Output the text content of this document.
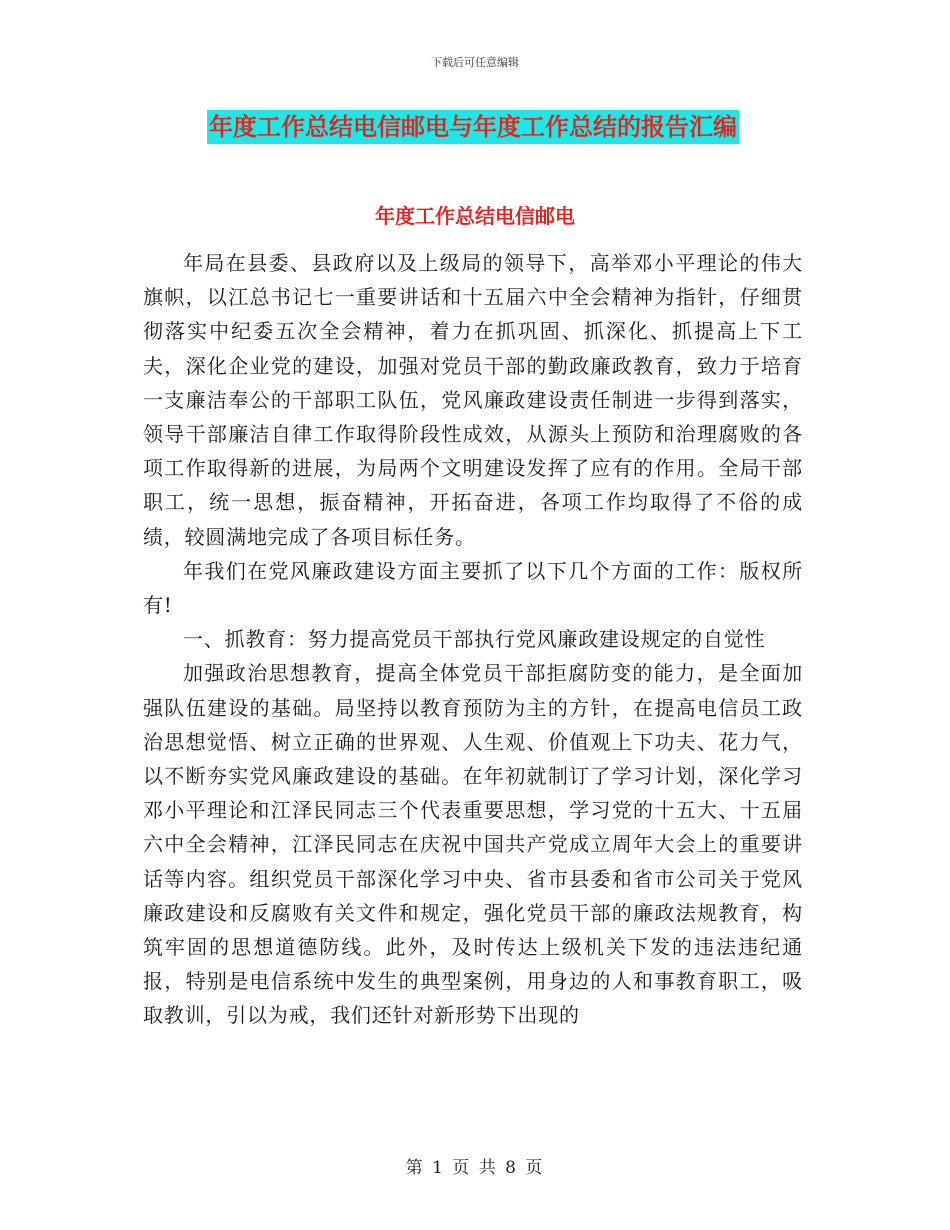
下载后可任意编辑
年度工作总结电信邮电与年度工作总结的报告汇编
年度工作总结电信邮电

年局在县委、县政府以及上级局的领导下，高举邓小平理论的伟大旗帜，以江总书记七一重要讲话和十五届六中全会精神为指针，仔细贯彻落实中纪委五次全会精神，着力在抓巩固、抓深化、抓提高上下工夫，深化企业党的建设，加强对党员干部的勤政廉政教育，致力于培育一支廉洁奉公的干部职工队伍，党风廉政建设责任制进一步得到落实，领导干部廉洁自律工作取得阶段性成效，从源头上预防和治理腐败的各项工作取得新的进展，为局两个文明建设发挥了应有的作用。全局干部职工，统一思想，振奋精神，开拓奋进，各项工作均取得了不俗的成绩，较圆满地完成了各项目标任务。

年我们在党风廉政建设方面主要抓了以下几个方面的工作：版权所有!

一、抓教育：努力提高党员干部执行党风廉政建设规定的自觉性

加强政治思想教育，提高全体党员干部拒腐防变的能力，是全面加强队伍建设的基础。局坚持以教育预防为主的方针，在提高电信员工政治思想觉悟、树立正确的世界观、人生观、价值观上下功夫、花力气，以不断夯实党风廉政建设的基础。在年初就制订了学习计划，深化学习邓小平理论和江泽民同志三个代表重要思想，学习党的十五大、十五届六中全会精神，江泽民同志在庆祝中国共产党成立周年大会上的重要讲话等内容。组织党员干部深化学习中央、省市县委和省市公司关于党风廉政建设和反腐败有关文件和规定，强化党员干部的廉政法规教育，构筑牢固的思想道德防线。此外，及时传达上级机关下发的违法违纪通报，特别是电信系统中发生的典型案例，用身边的人和事教育职工，吸取教训，引以为戒，我们还针对新形势下出现的

第 1 页 共 8 页
